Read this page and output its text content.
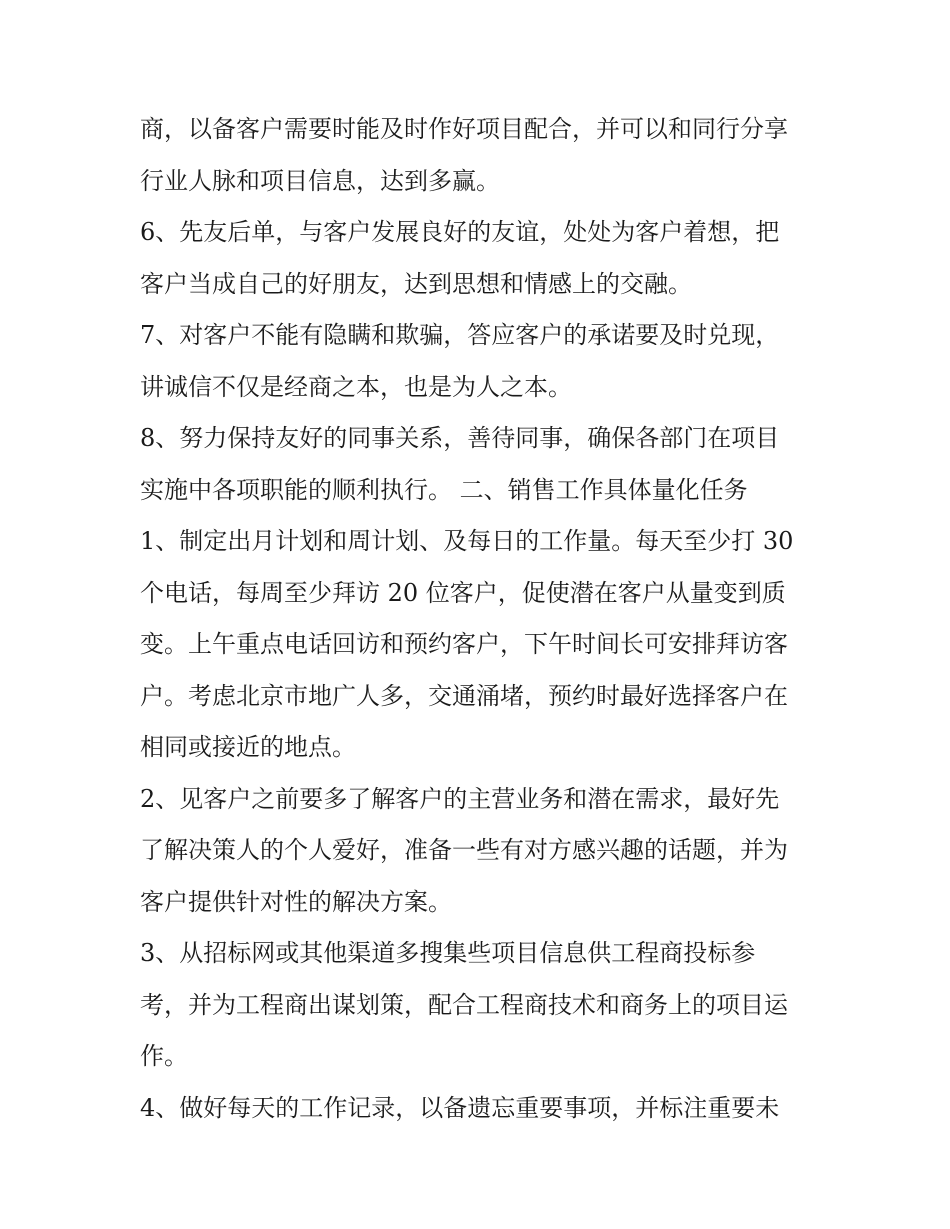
商，以备客户需要时能及时作好项目配合，并可以和同行分享
行业人脉和项目信息，达到多赢。
6、先友后单，与客户发展良好的友谊，处处为客户着想，把
客户当成自己的好朋友，达到思想和情感上的交融。
7、对客户不能有隐瞒和欺骗，答应客户的承诺要及时兑现，
讲诚信不仅是经商之本，也是为人之本。
8、努力保持友好的同事关系，善待同事，确保各部门在项目
实施中各项职能的顺利执行。 二、销售工作具体量化任务
1、制定出月计划和周计划、及每日的工作量。每天至少打 30
个电话，每周至少拜访 20 位客户，促使潜在客户从量变到质
变。上午重点电话回访和预约客户，下午时间长可安排拜访客
户。考虑北京市地广人多，交通涌堵，预约时最好选择客户在
相同或接近的地点。
2、见客户之前要多了解客户的主营业务和潜在需求，最好先
了解决策人的个人爱好，准备一些有对方感兴趣的话题，并为
客户提供针对性的解决方案。
3、从招标网或其他渠道多搜集些项目信息供工程商投标参
考，并为工程商出谋划策，配合工程商技术和商务上的项目运
作。
4、做好每天的工作记录，以备遗忘重要事项，并标注重要未
